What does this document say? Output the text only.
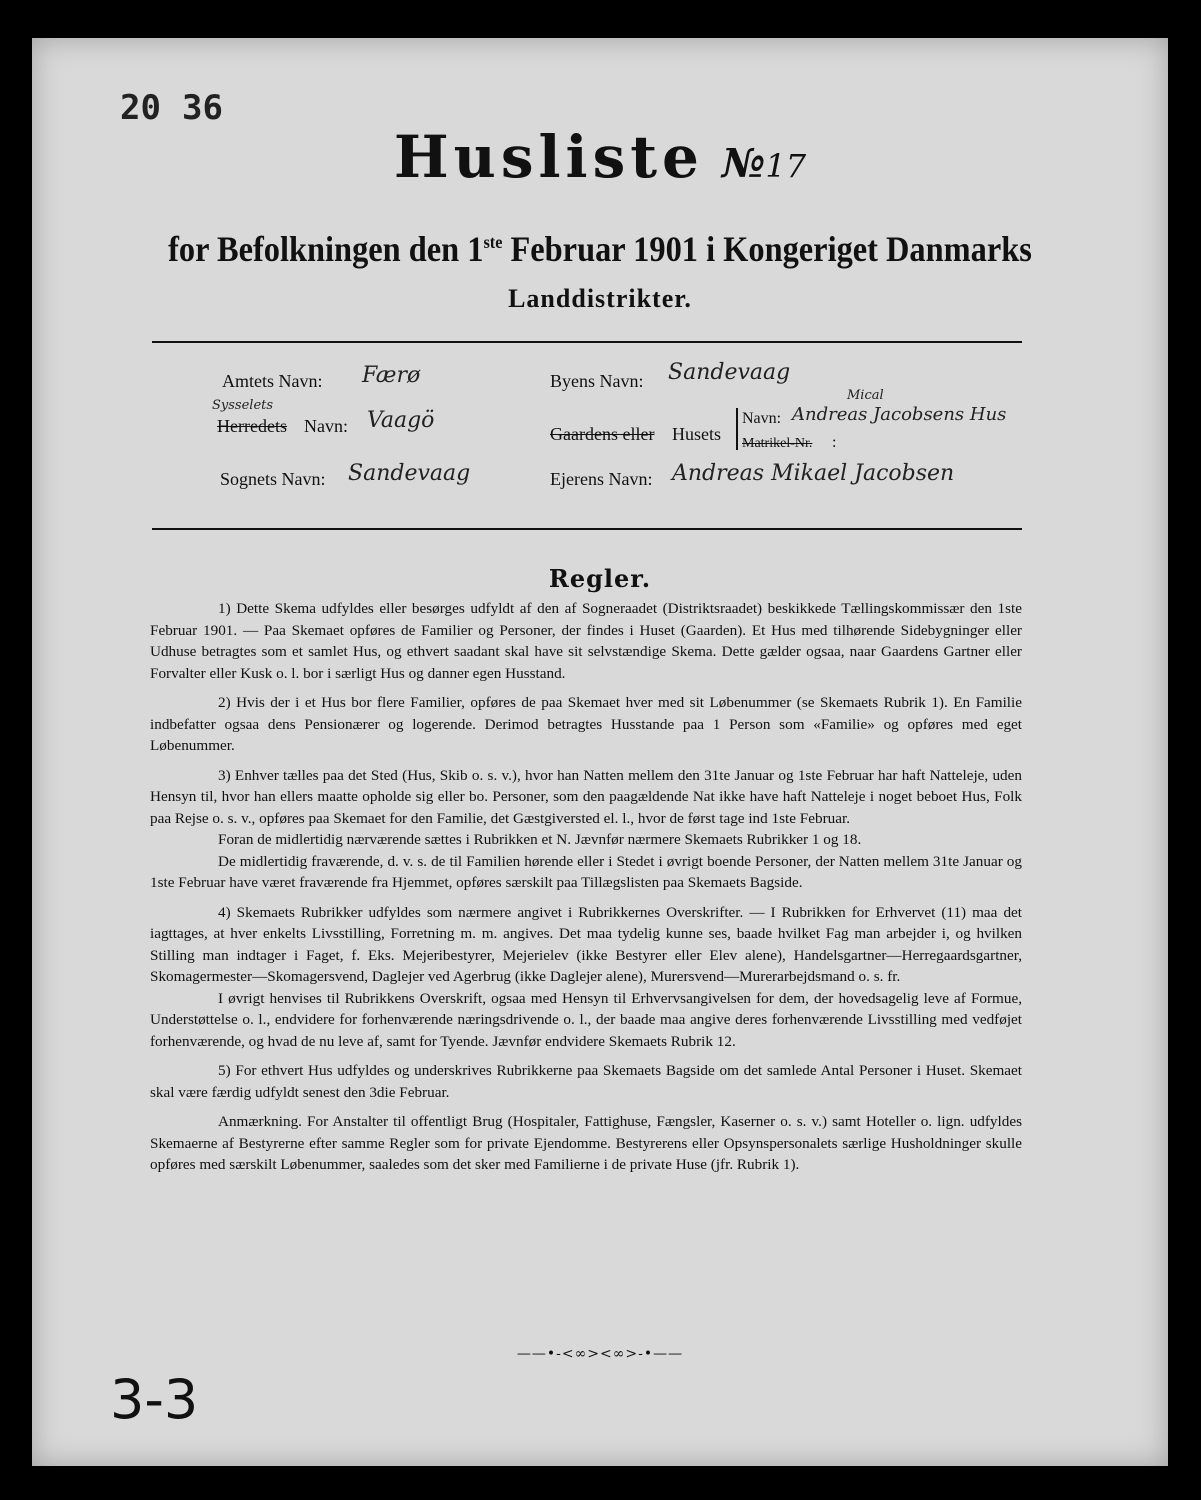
20 36
Husliste №17
for Befolkningen den 1ste Februar 1901 i Kongeriget Danmarks
Landdistrikter.
Amtets Navn: Færø
Sysselets
Herredets Navn: Vaagö
Sognets Navn: Sandevaag
Byens Navn: Sandevaag
Gaardens eller Husets
Navn:
Mical
Andreas Jacobsens Hus
Matrikel-Nr. :
Ejerens Navn: Andreas Mikael Jacobsen
Regler.

1) Dette Skema udfyldes eller besørges udfyldt af den af Sogneraadet (Distriktsraadet) beskikkede Tællingskommissær den 1ste Februar 1901. — Paa Skemaet opføres de Familier og Personer, der findes i Huset (Gaarden). Et Hus med tilhørende Sidebygninger eller Udhuse betragtes som et samlet Hus, og ethvert saadant skal have sit selvstændige Skema. Dette gælder ogsaa, naar Gaardens Gartner eller Forvalter eller Kusk o. l. bor i særligt Hus og danner egen Husstand.

2) Hvis der i et Hus bor flere Familier, opføres de paa Skemaet hver med sit Løbenummer (se Skemaets Rubrik 1). En Familie indbefatter ogsaa dens Pensionærer og logerende. Derimod betragtes Husstande paa 1 Person som «Familie» og opføres med eget Løbenummer.

3) Enhver tælles paa det Sted (Hus, Skib o. s. v.), hvor han Natten mellem den 31te Januar og 1ste Februar har haft Natteleje, uden Hensyn til, hvor han ellers maatte opholde sig eller bo. Personer, som den paagældende Nat ikke have haft Natteleje i noget beboet Hus, Folk paa Rejse o. s. v., opføres paa Skemaet for den Familie, det Gæstgiversted el. l., hvor de først tage ind 1ste Februar.

Foran de midlertidig nærværende sættes i Rubrikken et N. Jævnfør nærmere Skemaets Rubrikker 1 og 18.

De midlertidig fraværende, d. v. s. de til Familien hørende eller i Stedet i øvrigt boende Personer, der Natten mellem 31te Januar og 1ste Februar have været fraværende fra Hjemmet, opføres særskilt paa Tillægslisten paa Skemaets Bagside.

4) Skemaets Rubrikker udfyldes som nærmere angivet i Rubrikkernes Overskrifter. — I Rubrikken for Erhvervet (11) maa det iagttages, at hver enkelts Livsstilling, Forretning m. m. angives. Det maa tydelig kunne ses, baade hvilket Fag man arbejder i, og hvilken Stilling man indtager i Faget, f. Eks. Mejeribestyrer, Mejerielev (ikke Bestyrer eller Elev alene), Handelsgartner—Herregaardsgartner, Skomagermester—Skomagersvend, Daglejer ved Agerbrug (ikke Daglejer alene), Murersvend—Murerarbejdsmand o. s. fr.

I øvrigt henvises til Rubrikkens Overskrift, ogsaa med Hensyn til Erhvervsangivelsen for dem, der hovedsagelig leve af Formue, Understøttelse o. l., endvidere for forhenværende næringsdrivende o. l., der baade maa angive deres forhenværende Livsstilling med vedføjet forhenværende, og hvad de nu leve af, samt for Tyende. Jævnfør endvidere Skemaets Rubrik 12.

5) For ethvert Hus udfyldes og underskrives Rubrikkerne paa Skemaets Bagside om det samlede Antal Personer i Huset. Skemaet skal være færdig udfyldt senest den 3die Februar.

Anmærkning. For Anstalter til offentligt Brug (Hospitaler, Fattighuse, Fængsler, Kaserner o. s. v.) samt Hoteller o. lign. udfyldes Skemaerne af Bestyrerne efter samme Regler som for private Ejendomme. Bestyrerens eller Opsynspersonalets særlige Husholdninger skulle opføres med særskilt Løbenummer, saaledes som det sker med Familierne i de private Huse (jfr. Rubrik 1).

——•-<∞><∞>-•——
3-3
